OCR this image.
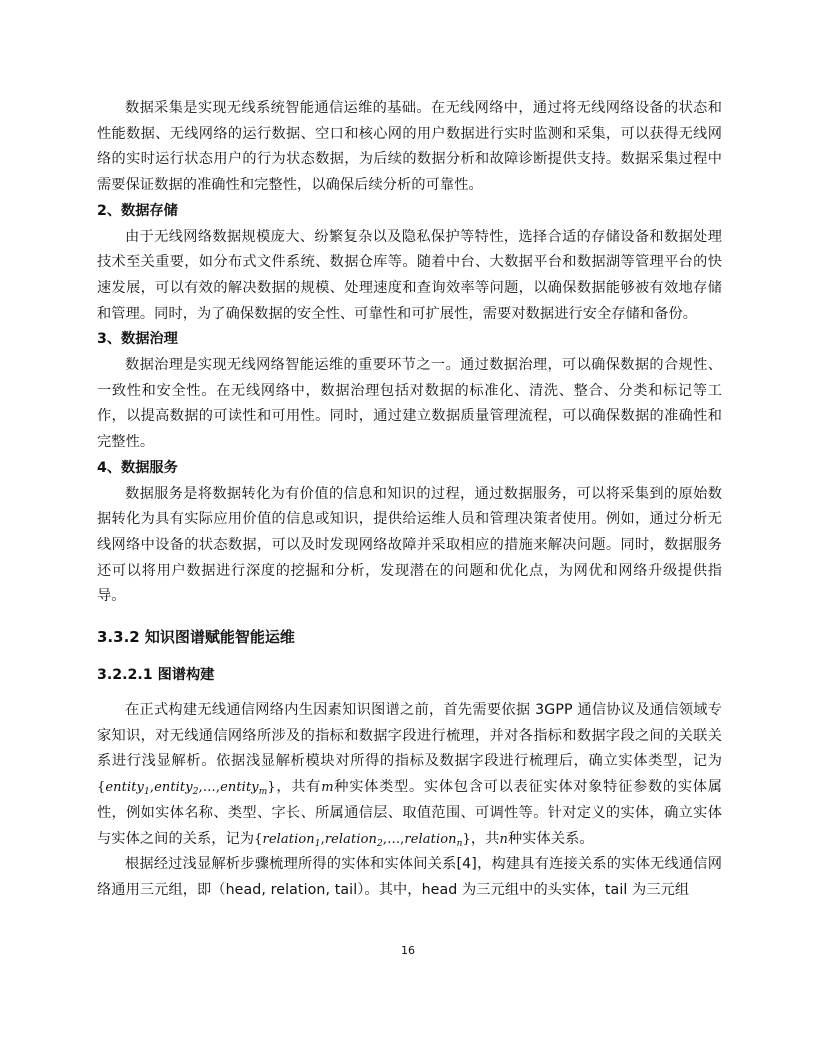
数据采集是实现无线系统智能通信运维的基础。在无线网络中，通过将无线网络设备的状态和性能数据、无线网络的运行数据、空口和核心网的用户数据进行实时监测和采集，可以获得无线网络的实时运行状态用户的行为状态数据，为后续的数据分析和故障诊断提供支持。数据采集过程中需要保证数据的准确性和完整性，以确保后续分析的可靠性。

2、数据存储

由于无线网络数据规模庞大、纷繁复杂以及隐私保护等特性，选择合适的存储设备和数据处理技术至关重要，如分布式文件系统、数据仓库等。随着中台、大数据平台和数据湖等管理平台的快速发展，可以有效的解决数据的规模、处理速度和查询效率等问题，以确保数据能够被有效地存储和管理。同时，为了确保数据的安全性、可靠性和可扩展性，需要对数据进行安全存储和备份。

3、数据治理

数据治理是实现无线网络智能运维的重要环节之一。通过数据治理，可以确保数据的合规性、一致性和安全性。在无线网络中，数据治理包括对数据的标准化、清洗、整合、分类和标记等工作，以提高数据的可读性和可用性。同时，通过建立数据质量管理流程，可以确保数据的准确性和完整性。

4、数据服务

数据服务是将数据转化为有价值的信息和知识的过程，通过数据服务，可以将采集到的原始数据转化为具有实际应用价值的信息或知识，提供给运维人员和管理决策者使用。例如，通过分析无线网络中设备的状态数据，可以及时发现网络故障并采取相应的措施来解决问题。同时，数据服务还可以将用户数据进行深度的挖掘和分析，发现潜在的问题和优化点，为网优和网络升级提供指导。

3.3.2 知识图谱赋能智能运维
3.2.2.1 图谱构建

在正式构建无线通信网络内生因素知识图谱之前，首先需要依据 3GPP 通信协议及通信领域专家知识，对无线通信网络所涉及的指标和数据字段进行梳理，并对各指标和数据字段之间的关联关系进行浅显解析。依据浅显解析模块对所得的指标及数据字段进行梳理后，确立实体类型，记为{entity$_1$,entity$_2$,…,entity$_m$}，共有m种实体类型。实体包含可以表征实体对象特征参数的实体属性，例如实体名称、类型、字长、所属通信层、取值范围、可调性等。针对定义的实体，确立实体与实体之间的关系，记为{relation$_1$,relation$_2$,…,relation$_n$}，共n种实体关系。

根据经过浅显解析步骤梳理所得的实体和实体间关系[4]，构建具有连接关系的实体无线通信网络通用三元组，即（head, relation, tail）。其中，head 为三元组中的头实体，tail 为三元组

16
